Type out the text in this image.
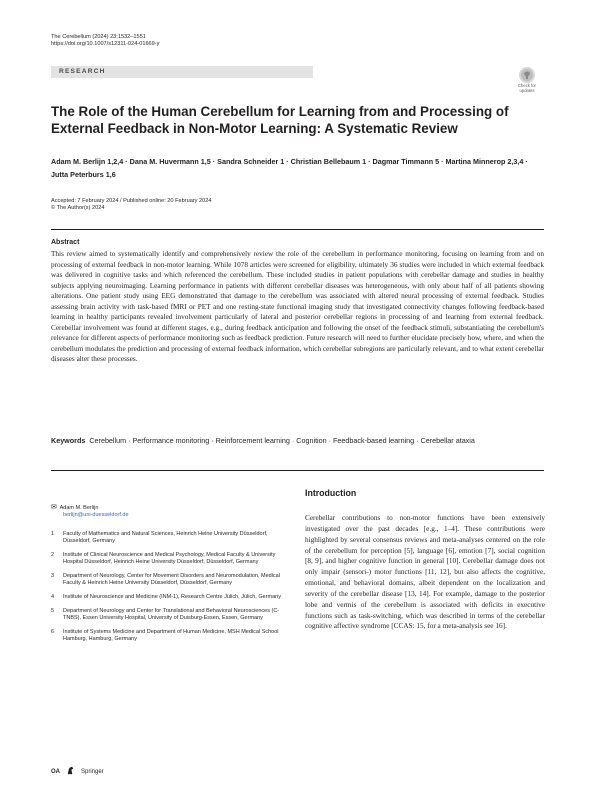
The Cerebellum (2024) 23:1532–1551
https://doi.org/10.1007/s12311-024-01669-y
RESEARCH
Check for updates
The Role of the Human Cerebellum for Learning from and Processing of External Feedback in Non-Motor Learning: A Systematic Review
Adam M. Berlijn 1,2,4 · Dana M. Huvermann 1,5 · Sandra Schneider 1 · Christian Bellebaum 1 · Dagmar Timmann 5 · Martina Minnerop 2,3,4 · Jutta Peterburs 1,6
Accepted: 7 February 2024 / Published online: 20 February 2024
© The Author(s) 2024
Abstract
This review aimed to systematically identify and comprehensively review the role of the cerebellum in performance monitoring, focusing on learning from and on processing of external feedback in non-motor learning. While 1078 articles were screened for eligibility, ultimately 36 studies were included in which external feedback was delivered in cognitive tasks and which referenced the cerebellum. These included studies in patient populations with cerebellar damage and studies in healthy subjects applying neuroimaging. Learning performance in patients with different cerebellar diseases was heterogeneous, with only about half of all patients showing alterations. One patient study using EEG demonstrated that damage to the cerebellum was associated with altered neural processing of external feedback. Studies assessing brain activity with task-based fMRI or PET and one resting-state functional imaging study that investigated connectivity changes following feedback-based learning in healthy participants revealed involvement particularly of lateral and posterior cerebellar regions in processing of and learning from external feedback. Cerebellar involvement was found at different stages, e.g., during feedback anticipation and following the onset of the feedback stimuli, substantiating the cerebellum's relevance for different aspects of performance monitoring such as feedback prediction. Future research will need to further elucidate precisely how, where, and when the cerebellum modulates the prediction and processing of external feedback information, which cerebellar subregions are particularly relevant, and to what extent cerebellar diseases alter these processes.
Keywords Cerebellum · Performance monitoring · Reinforcement learning · Cognition · Feedback-based learning · Cerebellar ataxia
✉ Adam M. Berlijn
berlijn@uni-duesseldorf.de
1	Faculty of Mathematics and Natural Sciences, Heinrich Heine University Düsseldorf, Düsseldorf, Germany
2	Institute of Clinical Neuroscience and Medical Psychology, Medical Faculty & University Hospital Düsseldorf, Heinrich Heine University Düsseldorf, Düsseldorf, Germany
3	Department of Neurology, Center for Movement Disorders and Neuromodulation, Medical Faculty & Heinrich Heine University Düsseldorf, Düsseldorf, Germany
4	Institute of Neuroscience and Medicine (INM-1), Research Centre Jülich, Jülich, Germany
5	Department of Neurology and Center for Translational and Behavioral Neurosciences (C-TNBS), Essen University Hospital, University of Duisburg-Essen, Essen, Germany
6	Institute of Systems Medicine and Department of Human Medicine, MSH Medical School Hamburg, Hamburg, Germany
Introduction
Cerebellar contributions to non-motor functions have been extensively investigated over the past decades [e.g., 1–4]. These contributions were highlighted by several consensus reviews and meta-analyses centered on the role of the cerebellum for perception [5], language [6], emotion [7], social cognition [8, 9], and higher cognitive function in general [10]. Cerebellar damage does not only impair (sensori-) motor functions [11, 12], but also affects the cognitive, emotional, and behavioral domains, albeit dependent on the localization and severity of the cerebellar disease [13, 14]. For example, damage to the posterior lobe and vermis of the cerebellum is associated with deficits in executive functions such as task-switching, which was described in terms of the cerebellar cognitive affective syndrome [CCAS: 15, for a meta-analysis see 16].
OA	Springer
